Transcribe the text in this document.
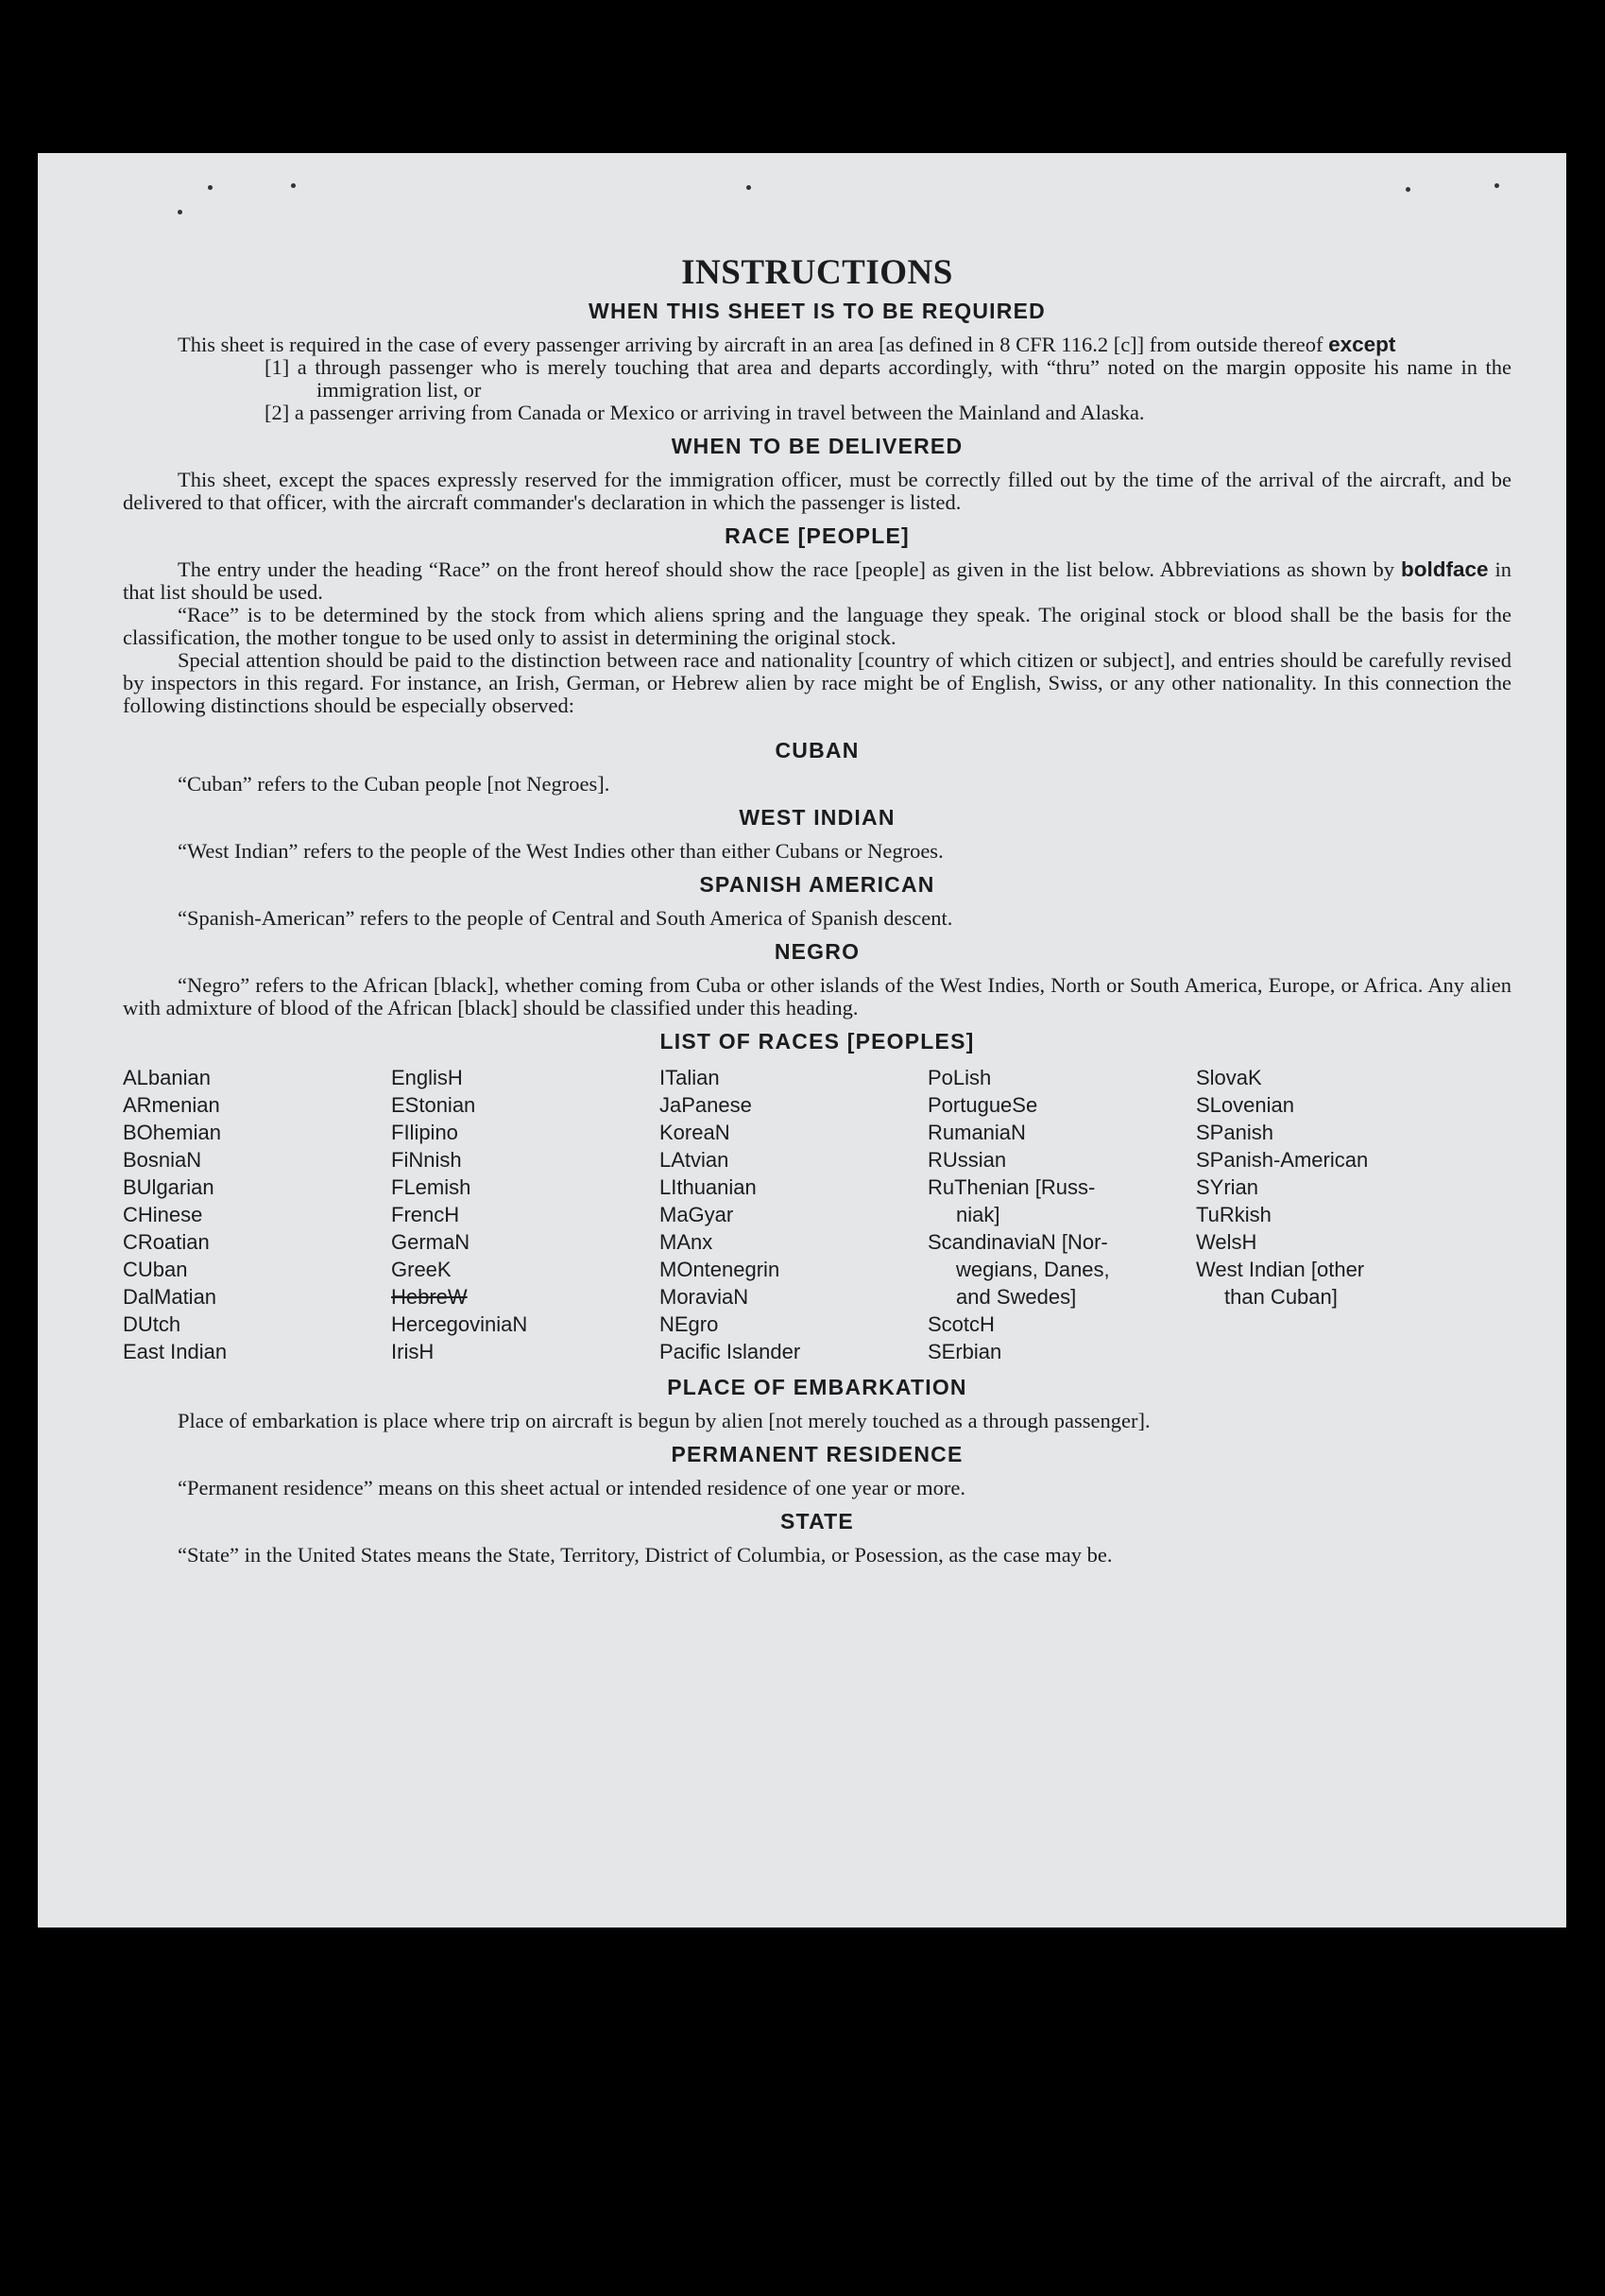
INSTRUCTIONS
WHEN THIS SHEET IS TO BE REQUIRED

This sheet is required in the case of every passenger arriving by aircraft in an area [as defined in 8 CFR 116.2 [c]] from outside thereof except

[1] a through passenger who is merely touching that area and departs accordingly, with “thru” noted on the margin opposite his name in the immigration list, or

[2] a passenger arriving from Canada or Mexico or arriving in travel between the Mainland and Alaska.

WHEN TO BE DELIVERED

This sheet, except the spaces expressly reserved for the immigration officer, must be correctly filled out by the time of the arrival of the aircraft, and be delivered to that officer, with the aircraft commander's declaration in which the passenger is listed.

RACE [PEOPLE]

The entry under the heading “Race” on the front hereof should show the race [people] as given in the list below. Abbreviations as shown by boldface in that list should be used.

“Race” is to be determined by the stock from which aliens spring and the language they speak. The original stock or blood shall be the basis for the classification, the mother tongue to be used only to assist in determining the original stock.

Special attention should be paid to the distinction between race and nationality [country of which citizen or subject], and entries should be carefully revised by inspectors in this regard. For instance, an Irish, German, or Hebrew alien by race might be of English, Swiss, or any other nationality. In this connection the following distinctions should be especially observed:

CUBAN

“Cuban” refers to the Cuban people [not Negroes].

WEST INDIAN

“West Indian” refers to the people of the West Indies other than either Cubans or Negroes.

SPANISH AMERICAN

“Spanish-American” refers to the people of Central and South America of Spanish descent.

NEGRO

“Negro” refers to the African [black], whether coming from Cuba or other islands of the West Indies, North or South America, Europe, or Africa. Any alien with admixture of blood of the African [black] should be classified under this heading.

LIST OF RACES [PEOPLES]
ALbanian
ARmenian
BOhemian
BosniaN
BUlgarian
CHinese
CRoatian
CUban
DalMatian
DUtch
East Indian
EnglisH
EStonian
FIlipino
FiNnish
FLemish
FrencH
GermaN
GreeK
HebreW
HercegoviniaN
IrisH
ITalian
JaPanese
KoreaN
LAtvian
LIthuanian
MaGyar
MAnx
MOntenegrin
MoraviaN
NEgro
Pacific Islander
PoLish
PortugueSe
RumaniaN
RUssian
RuThenian [Russ-
niak]
ScandinaviaN [Nor-
wegians, Danes,
and Swedes]
ScotcH
SErbian
SlovaK
SLovenian
SPanish
SPanish-American
SYrian
TuRkish
WelsH
West Indian [other
than Cuban]
PLACE OF EMBARKATION

Place of embarkation is place where trip on aircraft is begun by alien [not merely touched as a through passenger].

PERMANENT RESIDENCE

“Permanent residence” means on this sheet actual or intended residence of one year or more.

STATE

“State” in the United States means the State, Territory, District of Columbia, or Posession, as the case may be.
